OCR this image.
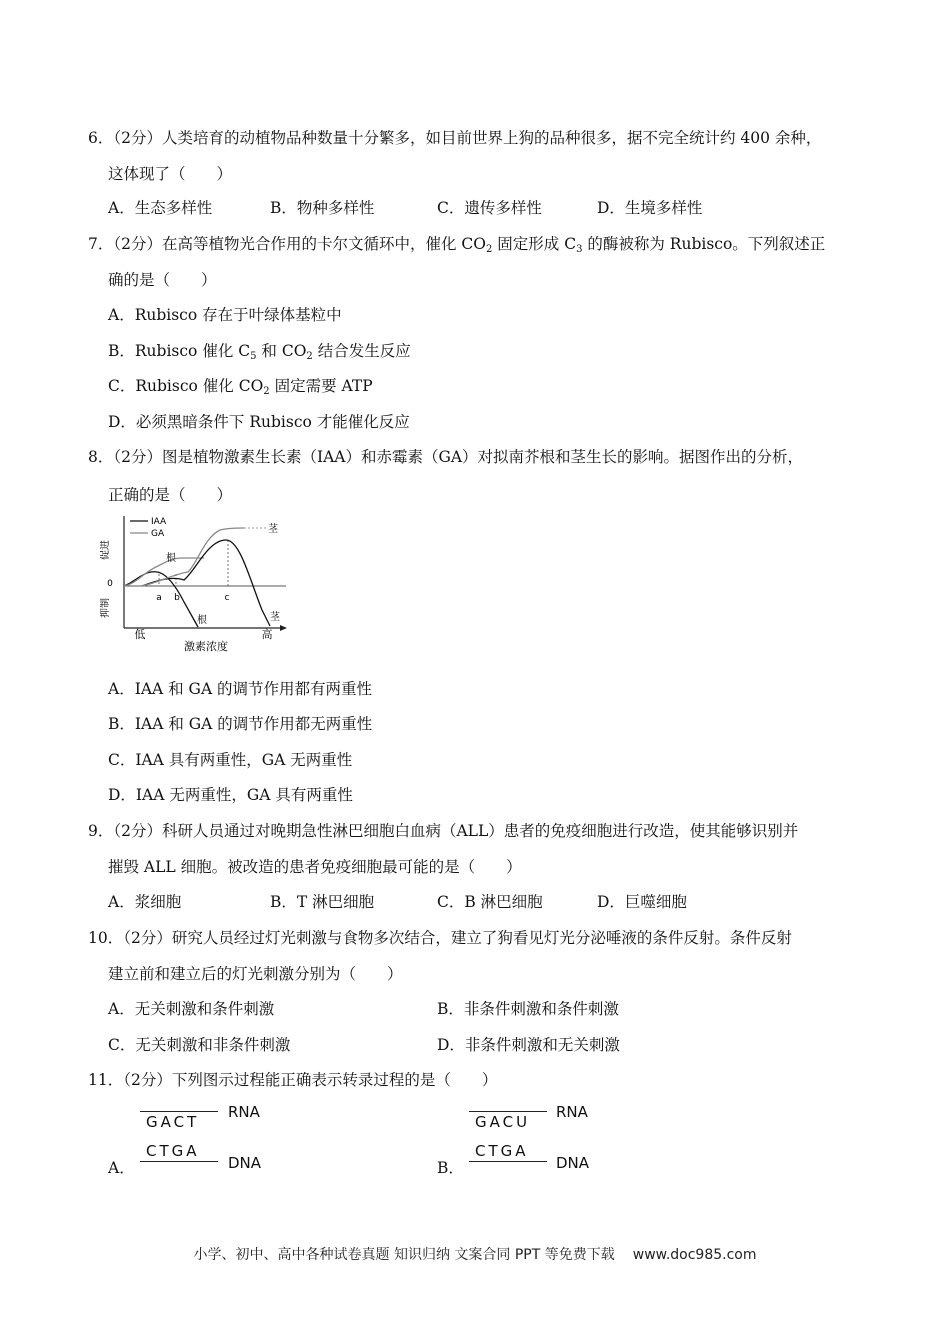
6．（2分）人类培育的动植物品种数量十分繁多，如目前世界上狗的品种很多，据不完全统计约 400 余种，
这体现了（　　）
A．生态多样性	B．物种多样性	C．遗传多样性	D．生境多样性
7．（2分）在高等植物光合作用的卡尔文循环中，催化 $CO_2$ 固定形成 $C_3$ 的酶被称为 Rubisco。下列叙述正
确的是（　　）
A．Rubisco 存在于叶绿体基粒中
B．Rubisco 催化 $C_5$ 和 $CO_2$ 结合发生反应
C．Rubisco 催化 $CO_2$ 固定需要 ATP
D．必须黑暗条件下 Rubisco 才能催化反应
8．（2分）图是植物激素生长素（IAA）和赤霉素（GA）对拟南芥根和茎生长的影响。据图作出的分析，
正确的是（　　）
0
促进
抑制
低	高
激素浓度
IAA
GA
a b	c
根
茎
根	茎
A．IAA 和 GA 的调节作用都有两重性
B．IAA 和 GA 的调节作用都无两重性
C．IAA 具有两重性，GA 无两重性
D．IAA 无两重性，GA 具有两重性
9．（2分）科研人员通过对晚期急性淋巴细胞白血病（ALL）患者的免疫细胞进行改造，使其能够识别并
摧毁 ALL 细胞。被改造的患者免疫细胞最可能的是（　　）
A．浆细胞	B．T 淋巴细胞	C．B 淋巴细胞	D．巨噬细胞
10．（2分）研究人员经过灯光刺激与食物多次结合，建立了狗看见灯光分泌唾液的条件反射。条件反射
建立前和建立后的灯光刺激分别为（　　）
A．无关刺激和条件刺激	B．非条件刺激和条件刺激
C．无关刺激和非条件刺激	D．非条件刺激和无关刺激
11．（2分）下列图示过程能正确表示转录过程的是（　　）
GACT
RNA
CTGA
DNA
A．
GACU
RNA
CTGA
DNA
B．
小学、初中、高中各种试卷真题 知识归纳 文案合同 PPT 等免费下载 www.doc985.com
